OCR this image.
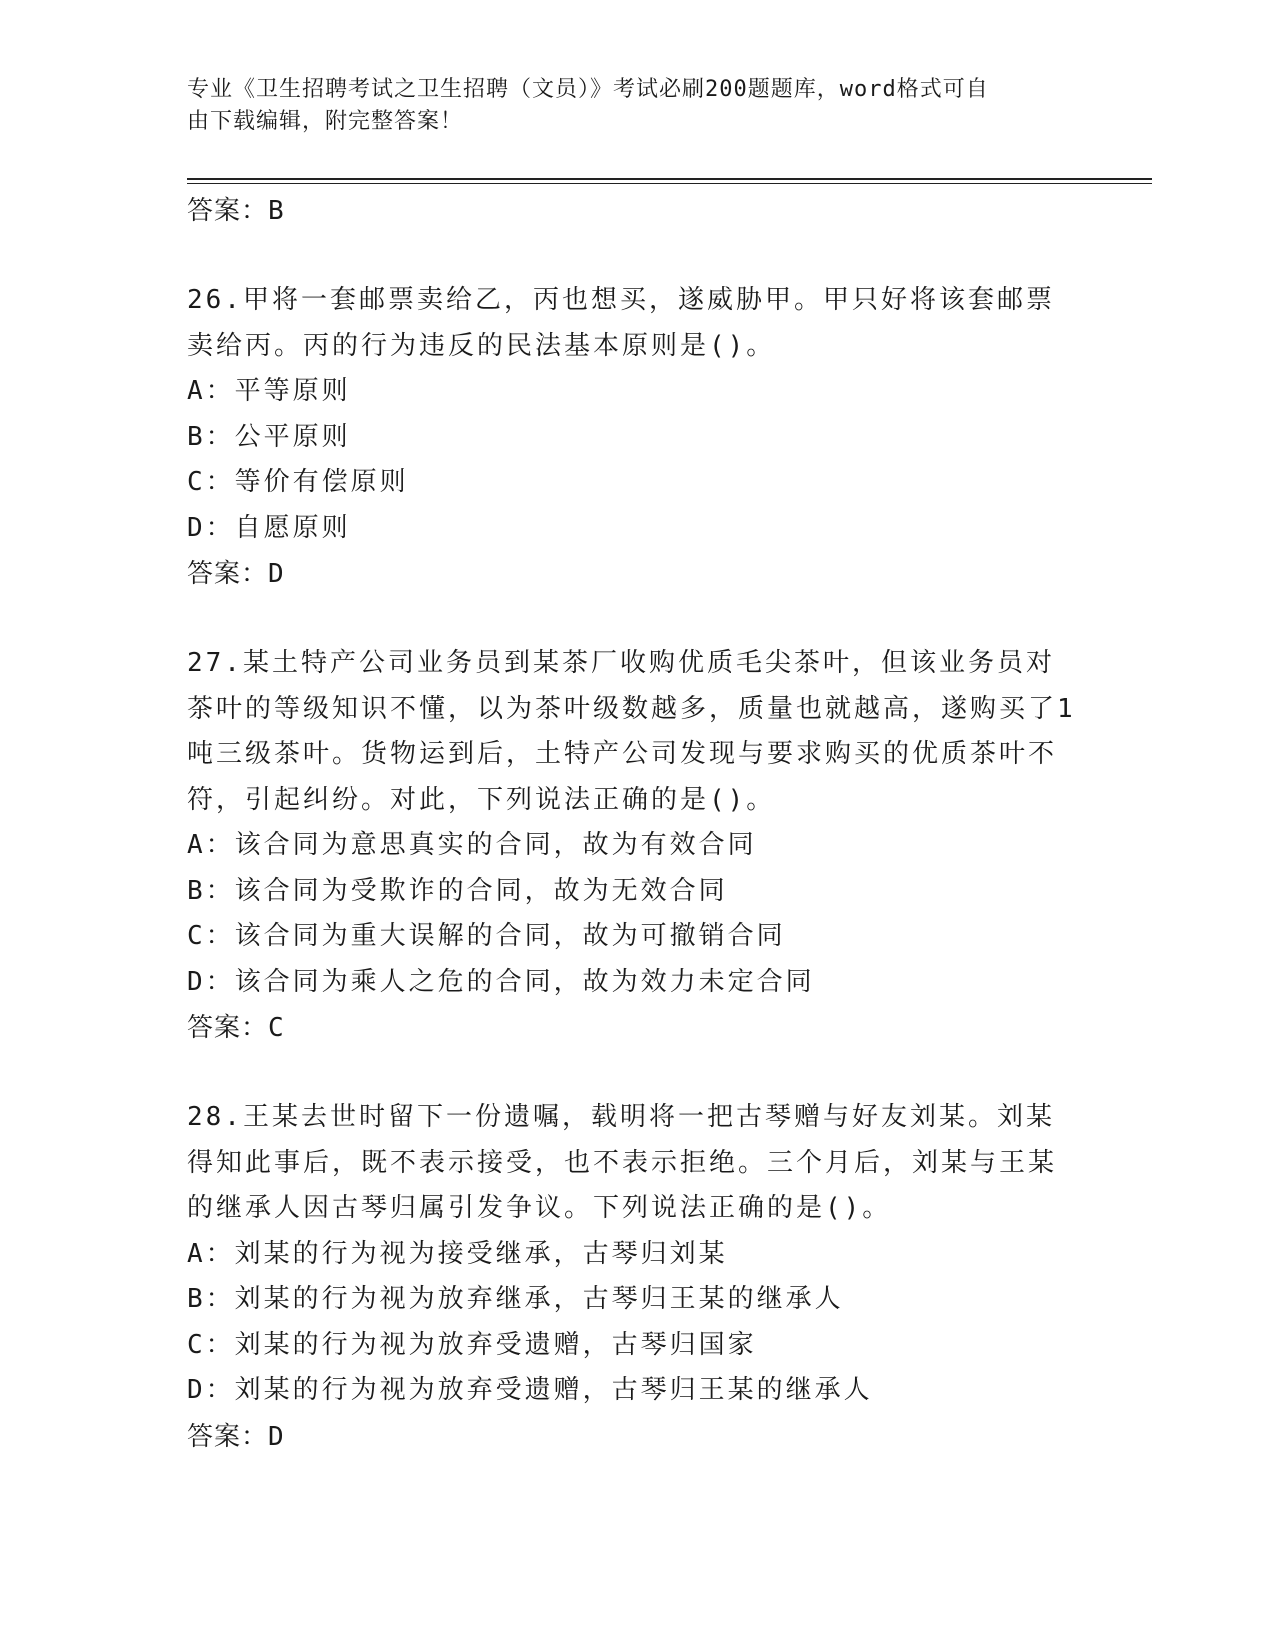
专业《卫生招聘考试之卫生招聘（文员）》考试必刷200题题库，word格式可自
由下载编辑，附完整答案！
答案：B
26.甲将一套邮票卖给乙，丙也想买，遂威胁甲。甲只好将该套邮票卖给丙。丙的行为违反的民法基本原则是()。
A：平等原则
B：公平原则
C：等价有偿原则
D：自愿原则
答案：D
27.某土特产公司业务员到某茶厂收购优质毛尖茶叶，但该业务员对茶叶的等级知识不懂，以为茶叶级数越多，质量也就越高，遂购买了1吨三级茶叶。货物运到后，土特产公司发现与要求购买的优质茶叶不符，引起纠纷。对此，下列说法正确的是()。
A：该合同为意思真实的合同，故为有效合同
B：该合同为受欺诈的合同，故为无效合同
C：该合同为重大误解的合同，故为可撤销合同
D：该合同为乘人之危的合同，故为效力未定合同
答案：C
28.王某去世时留下一份遗嘱，载明将一把古琴赠与好友刘某。刘某得知此事后，既不表示接受，也不表示拒绝。三个月后，刘某与王某的继承人因古琴归属引发争议。下列说法正确的是()。
A：刘某的行为视为接受继承，古琴归刘某
B：刘某的行为视为放弃继承，古琴归王某的继承人
C：刘某的行为视为放弃受遗赠，古琴归国家
D：刘某的行为视为放弃受遗赠，古琴归王某的继承人
答案：D
